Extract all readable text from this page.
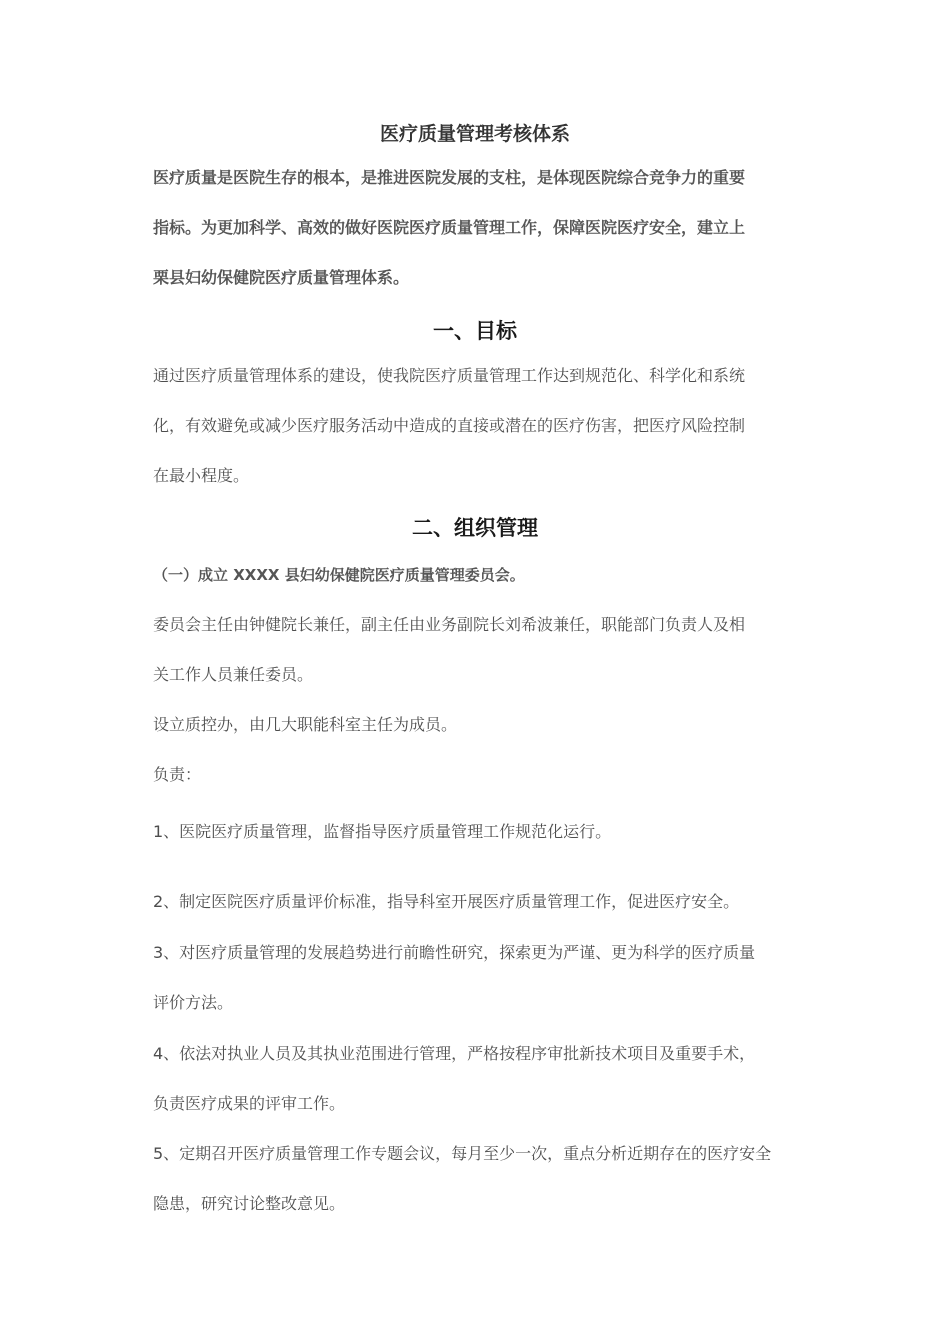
医疗质量管理考核体系
医疗质量是医院生存的根本，是推进医院发展的支柱，是体现医院综合竞争力的重要
指标。为更加科学、高效的做好医院医疗质量管理工作，保障医院医疗安全，建立上
栗县妇幼保健院医疗质量管理体系。
一、目标
通过医疗质量管理体系的建设，使我院医疗质量管理工作达到规范化、科学化和系统
化，有效避免或减少医疗服务活动中造成的直接或潜在的医疗伤害，把医疗风险控制
在最小程度。
二、组织管理
（一）成立 XXXX 县妇幼保健院医疗质量管理委员会。
委员会主任由钟健院长兼任，副主任由业务副院长刘希波兼任，职能部门负责人及相
关工作人员兼任委员。
设立质控办，由几大职能科室主任为成员。
负责：
1、医院医疗质量管理，监督指导医疗质量管理工作规范化运行。
2、制定医院医疗质量评价标准，指导科室开展医疗质量管理工作，促进医疗安全。
3、对医疗质量管理的发展趋势进行前瞻性研究，探索更为严谨、更为科学的医疗质量
评价方法。
4、依法对执业人员及其执业范围进行管理，严格按程序审批新技术项目及重要手术，
负责医疗成果的评审工作。
5、定期召开医疗质量管理工作专题会议，每月至少一次，重点分析近期存在的医疗安全
隐患，研究讨论整改意见。
